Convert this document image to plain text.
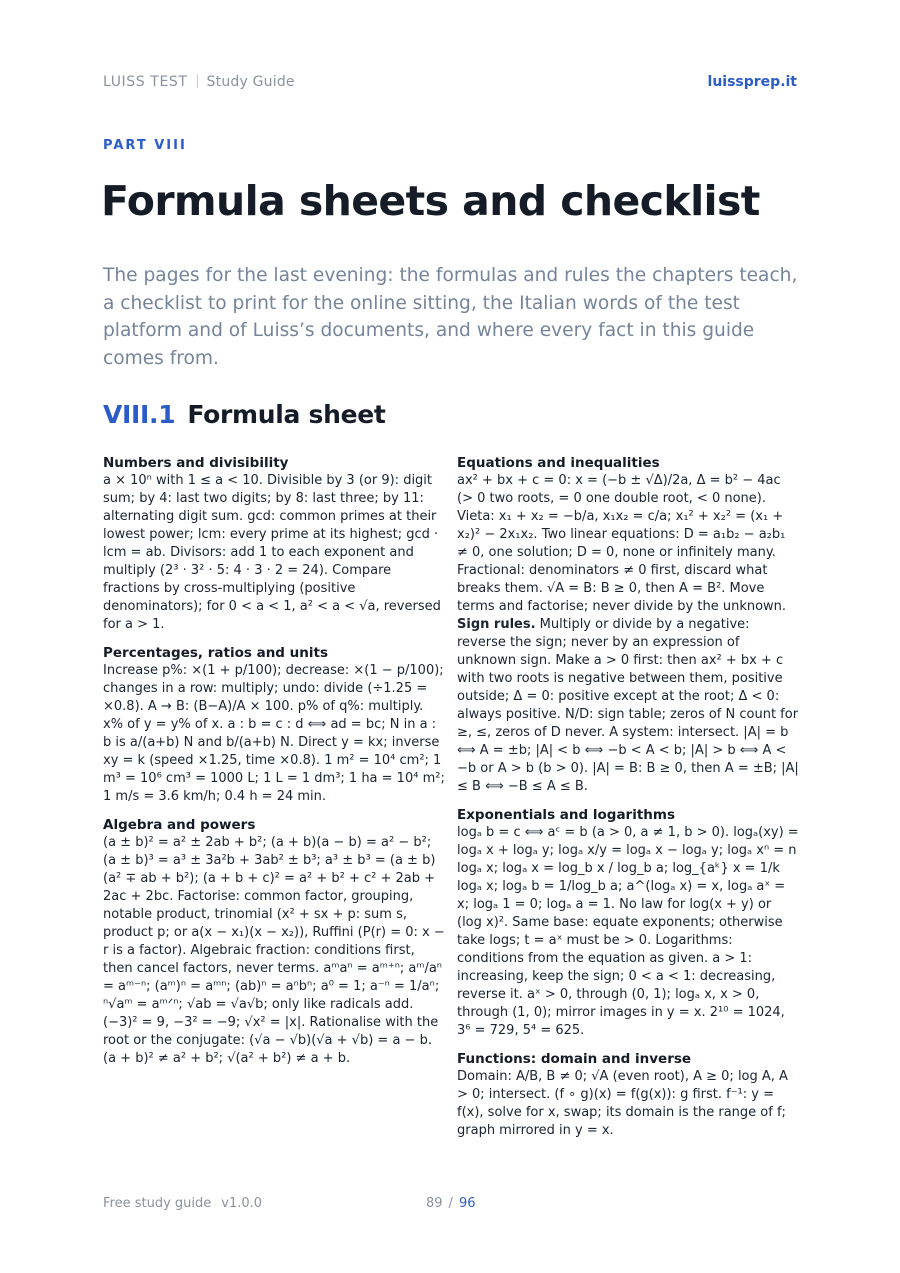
LUISS TEST Study Guide	luissprep.it
PART VIII
Formula sheets and checklist

The pages for the last evening: the formulas and rules the chapters teach, a checklist to print for the online sitting, the Italian words of the test platform and of Luiss’s documents, and where every fact in this guide comes from.

VIII.1 Formula sheet
Numbers and divisibility

a × 10ⁿ with 1 ≤ a < 10. Divisible by 3 (or 9): digit sum; by 4: last two digits; by 8: last three; by 11: alternating digit sum. gcd: common primes at their lowest power; lcm: every prime at its highest; gcd · lcm = ab. Divisors: add 1 to each exponent and multiply (2³ · 3² · 5: 4 · 3 · 2 = 24). Compare fractions by cross-multiplying (positive denominators); for 0 < a < 1, a² < a < √a, reversed for a > 1.

Percentages, ratios and units

Increase p%: ×(1 + p/100); decrease: ×(1 − p/100); changes in a row: multiply; undo: divide (÷1.25 = ×0.8). A → B: (B−A)/A × 100. p% of q%: multiply. x% of y = y% of x. a : b = c : d ⟺ ad = bc; N in a : b is a/(a+b) N and b/(a+b) N. Direct y = kx; inverse xy = k (speed ×1.25, time ×0.8). 1 m² = 10⁴ cm²; 1 m³ = 10⁶ cm³ = 1000 L; 1 L = 1 dm³; 1 ha = 10⁴ m²; 1 m/s = 3.6 km/h; 0.4 h = 24 min.

Algebra and powers

(a ± b)² = a² ± 2ab + b²; (a + b)(a − b) = a² − b²; (a ± b)³ = a³ ± 3a²b + 3ab² ± b³; a³ ± b³ = (a ± b)(a² ∓ ab + b²); (a + b + c)² = a² + b² + c² + 2ab + 2ac + 2bc. Factorise: common factor, grouping, notable product, trinomial (x² + sx + p: sum s, product p; or a(x − x₁)(x − x₂)), Ruffini (P(r) = 0: x − r is a factor). Algebraic fraction: conditions first, then cancel factors, never terms. aᵐaⁿ = aᵐ⁺ⁿ; aᵐ/aⁿ = aᵐ⁻ⁿ; (aᵐ)ⁿ = aᵐⁿ; (ab)ⁿ = aⁿbⁿ; a⁰ = 1; a⁻ⁿ = 1/aⁿ; ⁿ√aᵐ = aᵐᐟⁿ; √ab = √a√b; only like radicals add. (−3)² = 9, −3² = −9; √x² = |x|. Rationalise with the root or the conjugate: (√a − √b)(√a + √b) = a − b. (a + b)² ≠ a² + b²; √(a² + b²) ≠ a + b.

Equations and inequalities

ax² + bx + c = 0: x = (−b ± √Δ)/2a, Δ = b² − 4ac (> 0 two roots, = 0 one double root, < 0 none). Vieta: x₁ + x₂ = −b/a, x₁x₂ = c/a; x₁² + x₂² = (x₁ + x₂)² − 2x₁x₂. Two linear equations: D = a₁b₂ − a₂b₁ ≠ 0, one solution; D = 0, none or infinitely many. Fractional: denominators ≠ 0 first, discard what breaks them. √A = B: B ≥ 0, then A = B². Move terms and factorise; never divide by the unknown.

Sign rules. Multiply or divide by a negative: reverse the sign; never by an expression of unknown sign. Make a > 0 first: then ax² + bx + c with two roots is negative between them, positive outside; Δ = 0: positive except at the root; Δ < 0: always positive. N/D: sign table; zeros of N count for ≥, ≤, zeros of D never. A system: intersect. |A| = b ⟺ A = ±b; |A| < b ⟺ −b < A < b; |A| > b ⟺ A < −b or A > b (b > 0). |A| = B: B ≥ 0, then A = ±B; |A| ≤ B ⟺ −B ≤ A ≤ B.

Exponentials and logarithms

logₐ b = c ⟺ aᶜ = b (a > 0, a ≠ 1, b > 0). logₐ(xy) = logₐ x + logₐ y; logₐ x/y = logₐ x − logₐ y; logₐ xⁿ = n logₐ x; logₐ x = log_b x / log_b a; log_{aᵏ} x = 1/k logₐ x; logₐ b = 1/log_b a; a^(logₐ x) = x, logₐ aˣ = x; logₐ 1 = 0; logₐ a = 1. No law for log(x + y) or (log x)². Same base: equate exponents; otherwise take logs; t = aˣ must be > 0. Logarithms: conditions from the equation as given. a > 1: increasing, keep the sign; 0 < a < 1: decreasing, reverse it. aˣ > 0, through (0, 1); logₐ x, x > 0, through (1, 0); mirror images in y = x. 2¹⁰ = 1024, 3⁶ = 729, 5⁴ = 625.

Functions: domain and inverse

Domain: A/B, B ≠ 0; √A (even root), A ≥ 0; log A, A > 0; intersect. (f ∘ g)(x) = f(g(x)): g first. f⁻¹: y = f(x), solve for x, swap; its domain is the range of f; graph mirrored in y = x.

Free study guide v1.0.0	89 / 96
